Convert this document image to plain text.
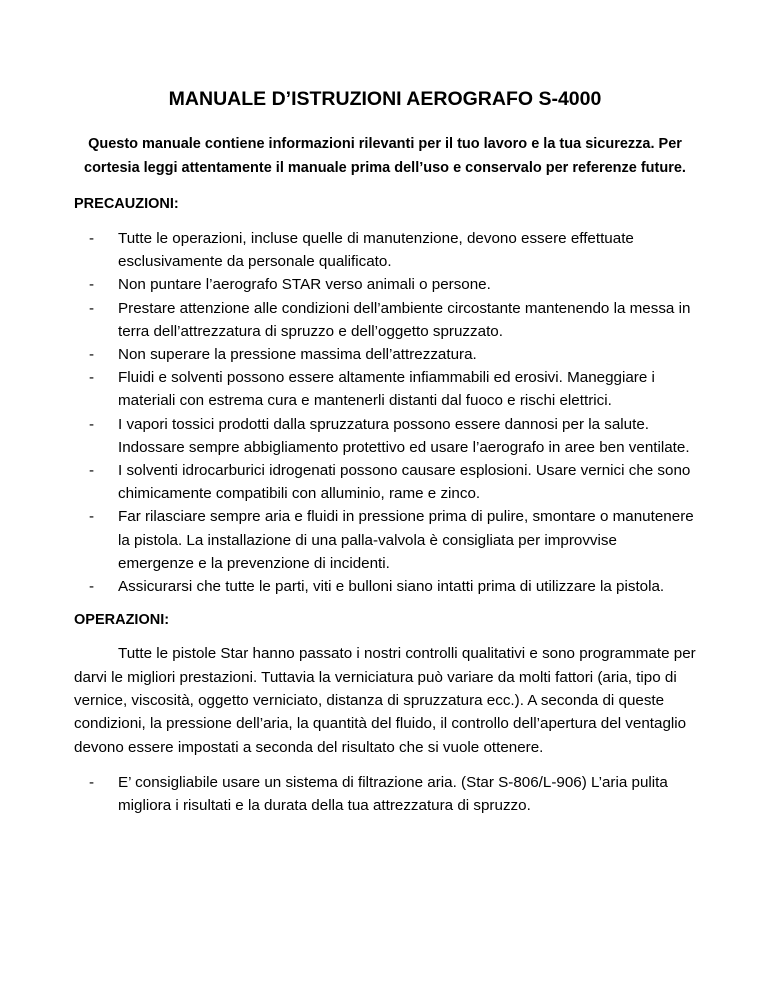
MANUALE D’ISTRUZIONI AEROGRAFO S-4000

Questo manuale contiene informazioni rilevanti per il tuo lavoro e la tua sicurezza. Per cortesia leggi attentamente il manuale prima dell’uso e conservalo per referenze future.

PRECAUZIONI:
- Tutte le operazioni, incluse quelle di manutenzione, devono essere effettuate esclusivamente da personale qualificato.
- Non puntare l’aerografo STAR verso animali o persone.
- Prestare attenzione alle condizioni dell’ambiente circostante mantenendo la messa in terra dell’attrezzatura di spruzzo e dell’oggetto spruzzato.
- Non superare la pressione massima dell’attrezzatura.
- Fluidi e solventi possono essere altamente infiammabili ed erosivi. Maneggiare i materiali con estrema cura e mantenerli distanti dal fuoco e rischi elettrici.
- I vapori tossici prodotti dalla spruzzatura possono essere dannosi per la salute. Indossare sempre abbigliamento protettivo ed usare l’aerografo in aree ben ventilate.
- I solventi idrocarburici idrogenati possono causare esplosioni. Usare vernici che sono chimicamente compatibili con alluminio, rame e zinco.
- Far rilasciare sempre aria e fluidi in pressione prima di pulire, smontare o manutenere la pistola. La installazione di una palla-valvola è consigliata per improvvise emergenze e la prevenzione di incidenti.
- Assicurarsi che tutte le parti, viti e bulloni siano intatti prima di utilizzare la pistola.
OPERAZIONI:

Tutte le pistole Star hanno passato i nostri controlli qualitativi e sono programmate per darvi le migliori prestazioni. Tuttavia la verniciatura può variare da molti fattori (aria, tipo di vernice, viscosità, oggetto verniciato, distanza di spruzzatura ecc.). A seconda di queste condizioni, la pressione dell’aria, la quantità del fluido, il controllo dell’apertura del ventaglio devono essere impostati a seconda del risultato che si vuole ottenere.

- E’ consigliabile usare un sistema di filtrazione aria. (Star S-806/L-906) L’aria pulita migliora i risultati e la durata della tua attrezzatura di spruzzo.
